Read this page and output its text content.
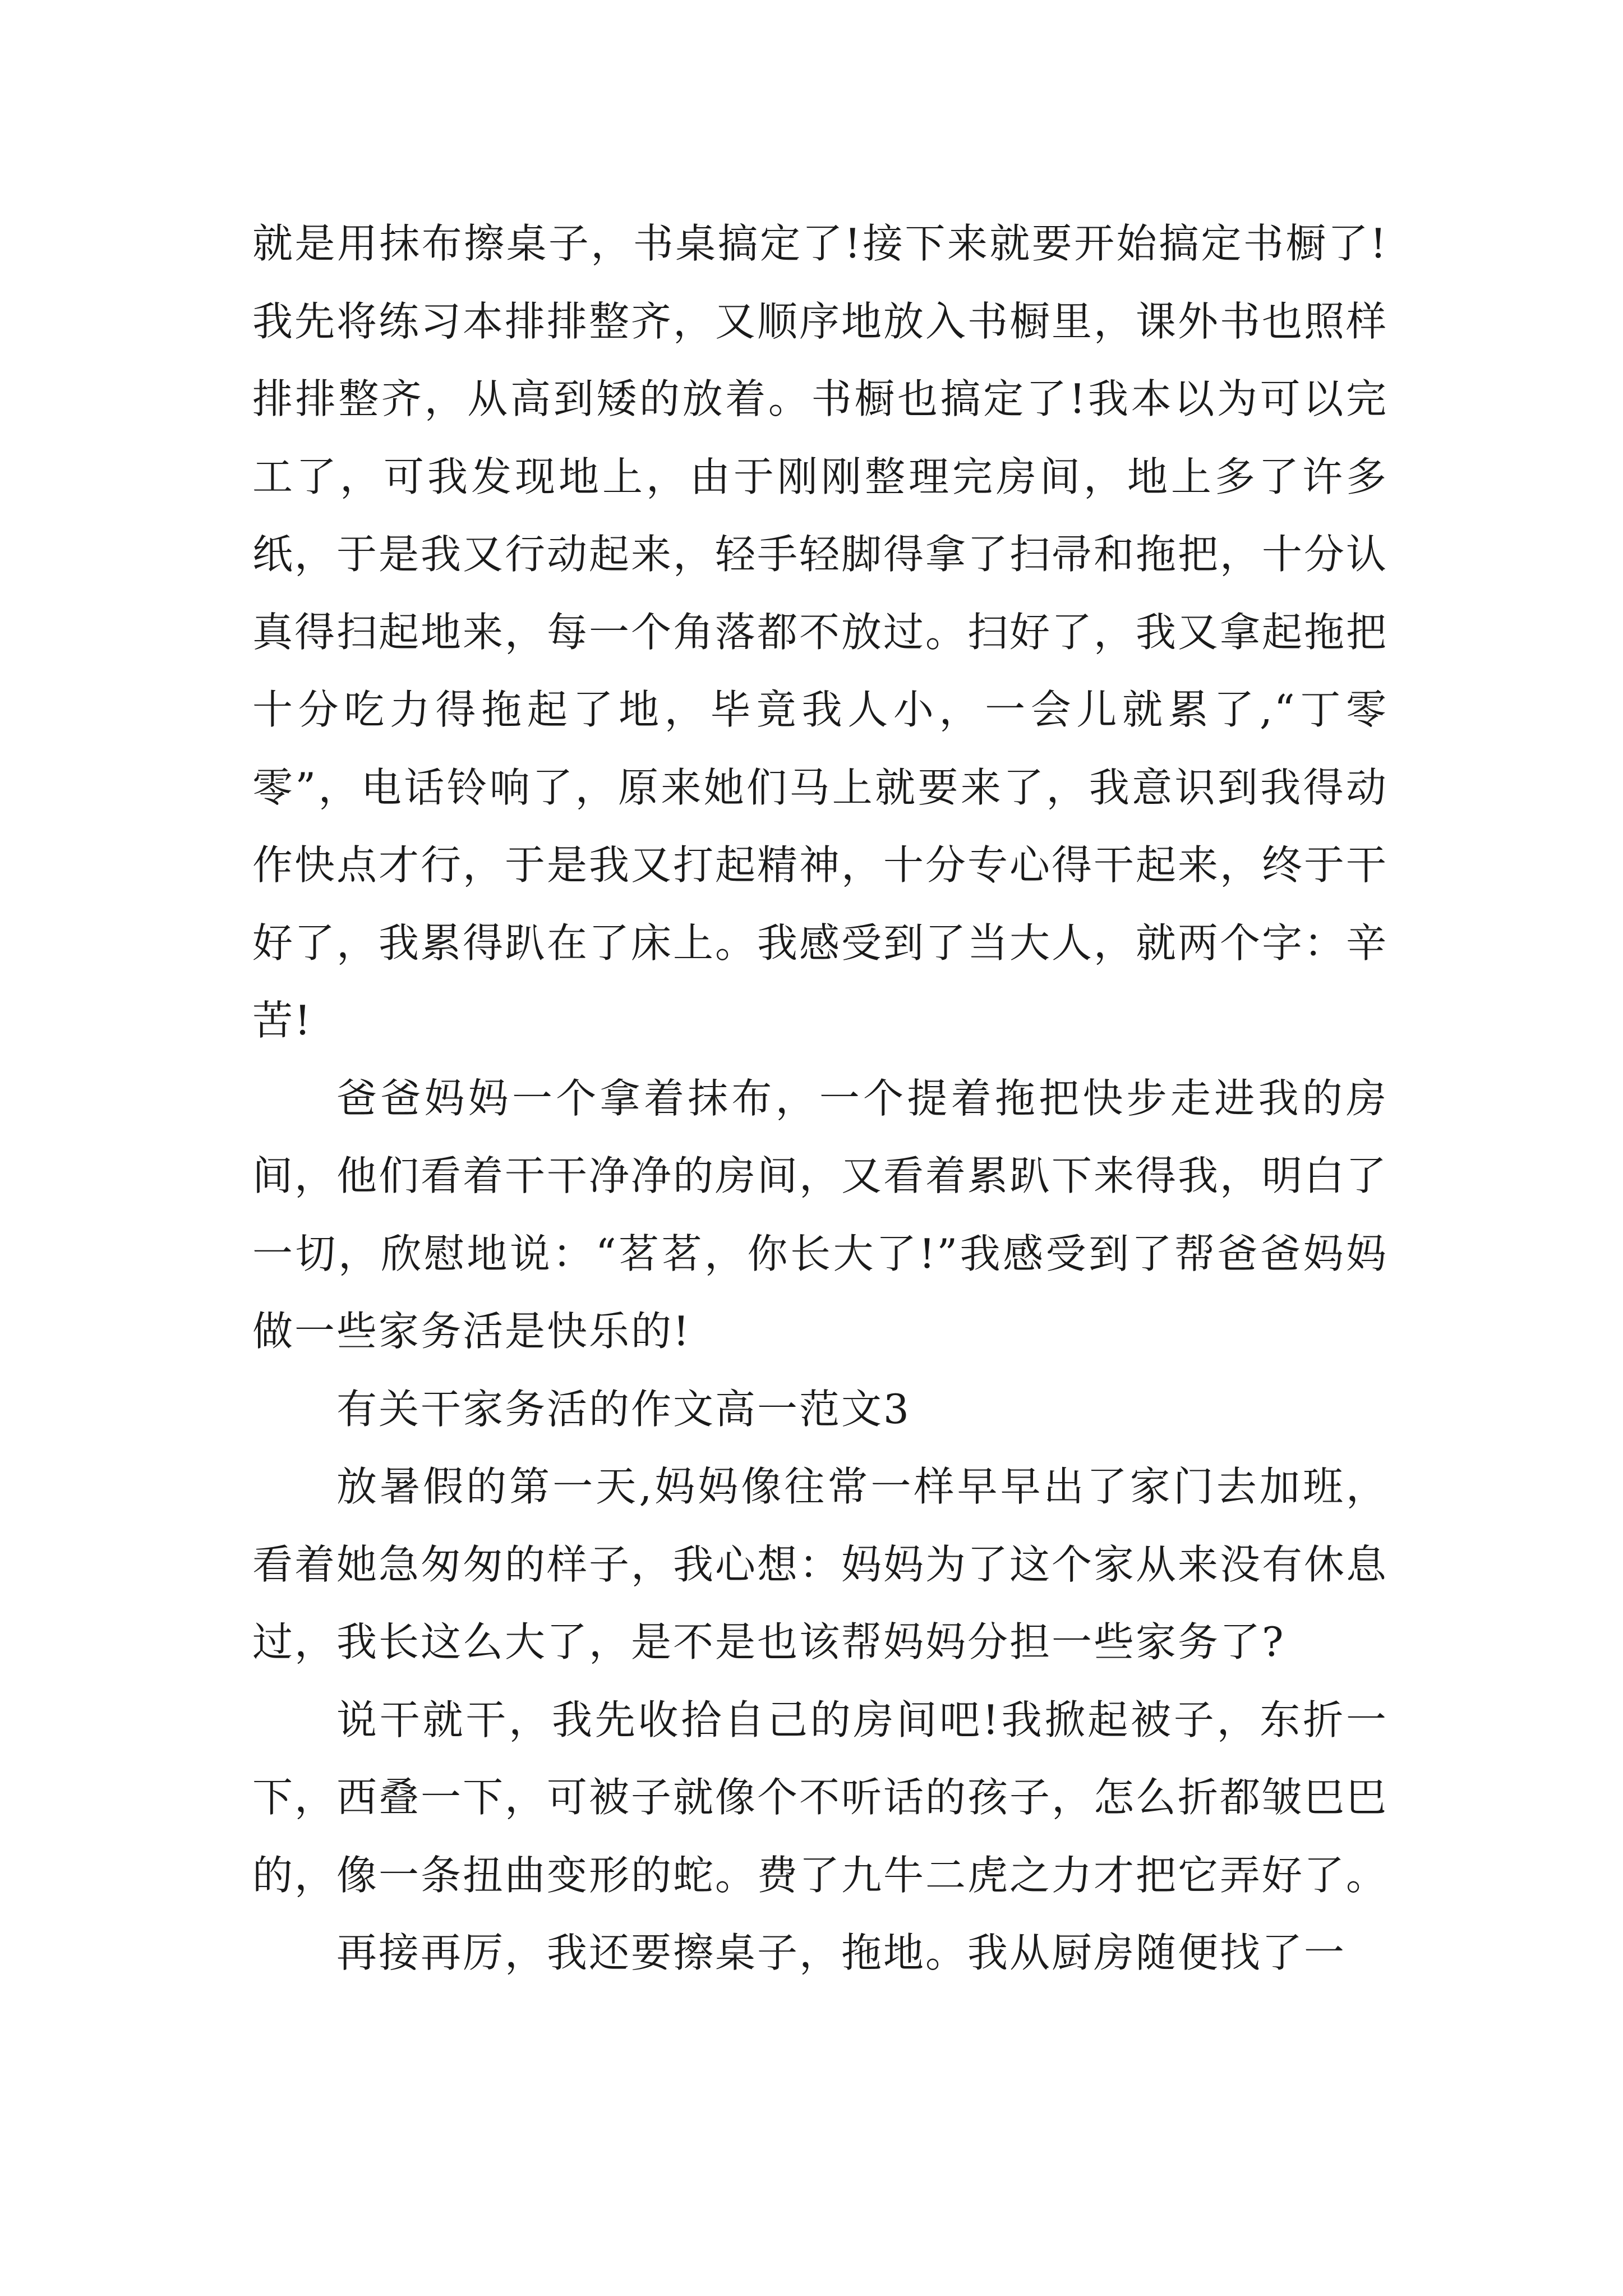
就是用抹布擦桌子，书桌搞定了!接下来就要开始搞定书橱了!我先将练习本排排整齐，又顺序地放入书橱里，课外书也照样排排整齐，从高到矮的放着。书橱也搞定了!我本以为可以完工了，可我发现地上，由于刚刚整理完房间，地上多了许多纸，于是我又行动起来，轻手轻脚得拿了扫帚和拖把，十分认真得扫起地来，每一个角落都不放过。扫好了，我又拿起拖把十分吃力得拖起了地，毕竟我人小，一会儿就累了,“丁零零”，电话铃响了，原来她们马上就要来了，我意识到我得动作快点才行，于是我又打起精神，十分专心得干起来，终于干好了，我累得趴在了床上。我感受到了当大人，就两个字：辛苦!

爸爸妈妈一个拿着抹布，一个提着拖把快步走进我的房间，他们看着干干净净的房间，又看着累趴下来得我，明白了一切，欣慰地说：“茗茗，你长大了!”我感受到了帮爸爸妈妈做一些家务活是快乐的!

有关干家务活的作文高一范文3

放暑假的第一天,妈妈像往常一样早早出了家门去加班，看着她急匆匆的样子，我心想：妈妈为了这个家从来没有休息过，我长这么大了，是不是也该帮妈妈分担一些家务了?

说干就干，我先收拾自己的房间吧!我掀起被子，东折一下，西叠一下，可被子就像个不听话的孩子，怎么折都皱巴巴的，像一条扭曲变形的蛇。费了九牛二虎之力才把它弄好了。

再接再厉，我还要擦桌子，拖地。我从厨房随便找了一
